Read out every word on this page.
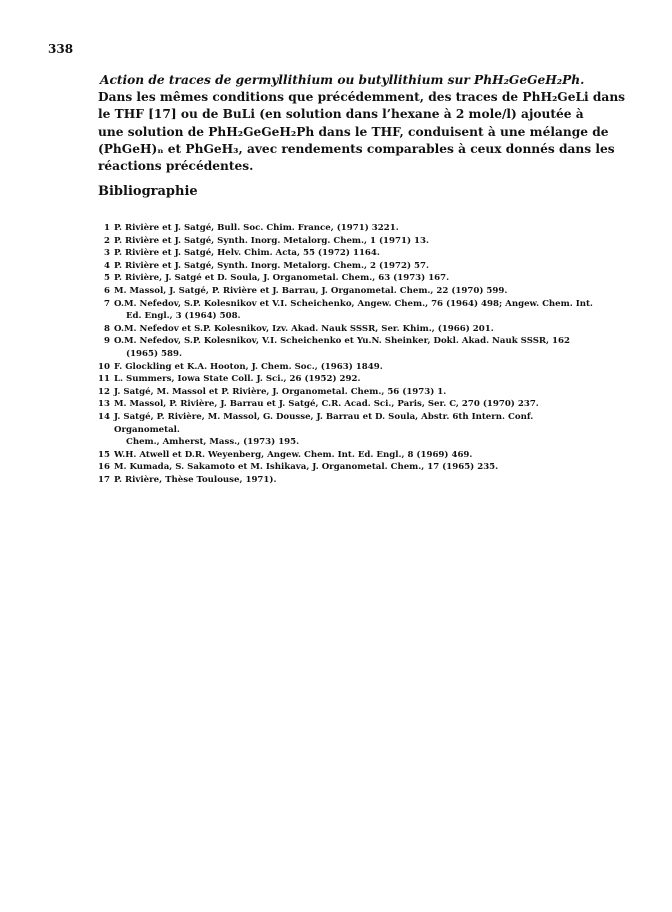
338
Action de traces de germyllithium ou butyllithium sur PhH₂GeGeH₂Ph.
Dans les mêmes conditions que précédemment, des traces de PhH₂GeLi dans
le THF [17] ou de BuLi (en solution dans l’hexane à 2 mole/l) ajoutée à
une solution de PhH₂GeGeH₂Ph dans le THF, conduisent à une mélange de
(PhGeH)ₙ et PhGeH₃, avec rendements comparables à ceux donnés dans les
réactions précédentes.
Bibliographie
1 P. Rivière et J. Satgé, Bull. Soc. Chim. France, (1971) 3221.
2 P. Rivière et J. Satgé, Synth. Inorg. Metalorg. Chem., 1 (1971) 13.
3 P. Rivière et J. Satgé, Helv. Chim. Acta, 55 (1972) 1164.
4 P. Rivière et J. Satgé, Synth. Inorg. Metalorg. Chem., 2 (1972) 57.
5 P. Rivière, J. Satgé et D. Soula, J. Organometal. Chem., 63 (1973) 167.
6 M. Massol, J. Satgé, P. Rivière et J. Barrau, J. Organometal. Chem., 22 (1970) 599.
7 O.M. Nefedov, S.P. Kolesnikov et V.I. Scheichenko, Angew. Chem., 76 (1964) 498; Angew. Chem. Int.
Ed. Engl., 3 (1964) 508.
8 O.M. Nefedov et S.P. Kolesnikov, Izv. Akad. Nauk SSSR, Ser. Khim., (1966) 201.
9 O.M. Nefedov, S.P. Kolesnikov, V.I. Scheichenko et Yu.N. Sheinker, Dokl. Akad. Nauk SSSR, 162
(1965) 589.
10 F. Glockling et K.A. Hooton, J. Chem. Soc., (1963) 1849.
11 L. Summers, Iowa State Coll. J. Sci., 26 (1952) 292.
12 J. Satgé, M. Massol et P. Rivière, J. Organometal. Chem., 56 (1973) 1.
13 M. Massol, P. Rivière, J. Barrau et J. Satgé, C.R. Acad. Sci., Paris, Ser. C, 270 (1970) 237.
14 J. Satgé, P. Rivière, M. Massol, G. Dousse, J. Barrau et D. Soula, Abstr. 6th Intern. Conf. Organometal.
Chem., Amherst, Mass., (1973) 195.
15 W.H. Atwell et D.R. Weyenberg, Angew. Chem. Int. Ed. Engl., 8 (1969) 469.
16 M. Kumada, S. Sakamoto et M. Ishikava, J. Organometal. Chem., 17 (1965) 235.
17 P. Rivière, Thèse Toulouse, 1971).
